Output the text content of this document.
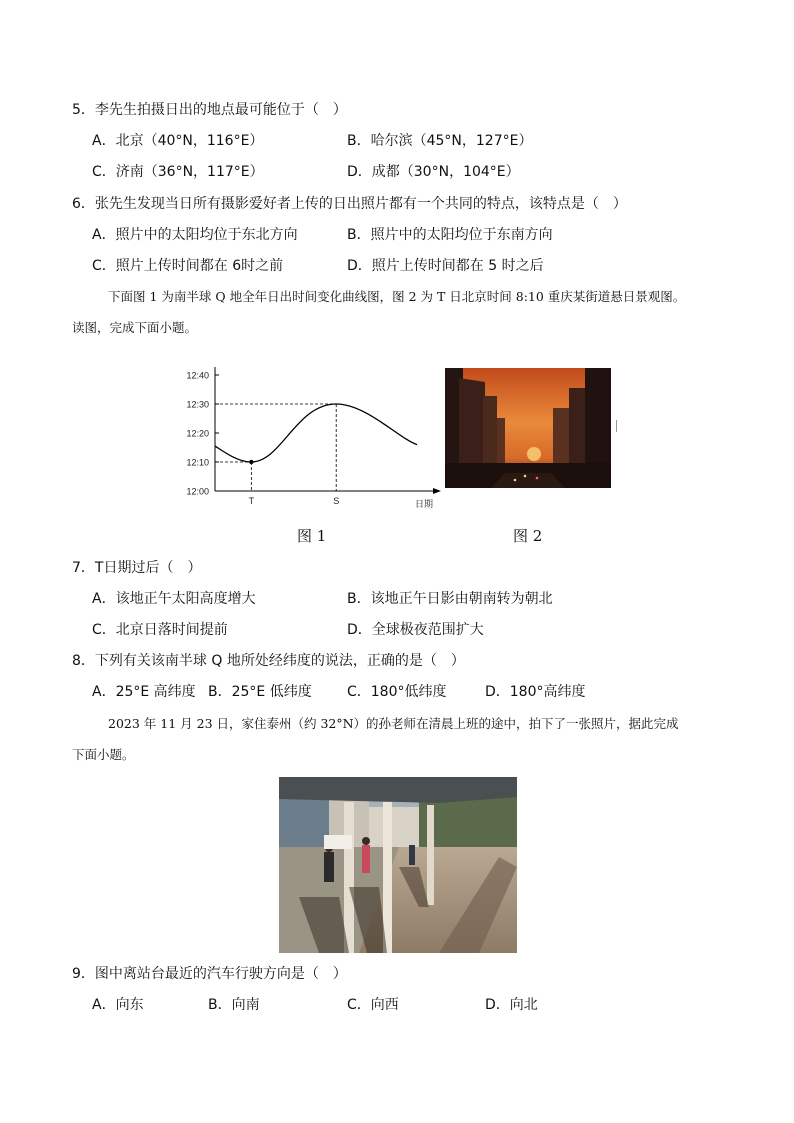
5．李先生拍摄日出的地点最可能位于（　）
A．北京（40°N，116°E）	B．哈尔滨（45°N，127°E）
C．济南（36°N，117°E）	D．成都（30°N，104°E）
6．张先生发现当日所有摄影爱好者上传的日出照片都有一个共同的特点，该特点是（　）
A．照片中的太阳均位于东北方向	B．照片中的太阳均位于东南方向
C．照片上传时间都在 6时之前	D．照片上传时间都在 5 时之后
下面图 1 为南半球 Q 地全年日出时间变化曲线图，图 2 为 T 日北京时间 8:10 重庆某街道悬日景观图。
读图，完成下面小题。
12:00
12:10
12:20
12:30
12:40
T	S	日期
图 1	图 2
7．T日期过后（　）
A．该地正午太阳高度增大	B．该地正午日影由朝南转为朝北
C．北京日落时间提前	D．全球极夜范围扩大
8．下列有关该南半球 Q 地所处经纬度的说法，正确的是（　）
A．25°E 高纬度 B．25°E 低纬度	C．180°低纬度	D．180°高纬度
2023 年 11 月 23 日，家住泰州（约 32°N）的孙老师在清晨上班的途中，拍下了一张照片，据此完成
下面小题。
9．图中离站台最近的汽车行驶方向是（　）
A．向东	B．向南	C．向西	D．向北
